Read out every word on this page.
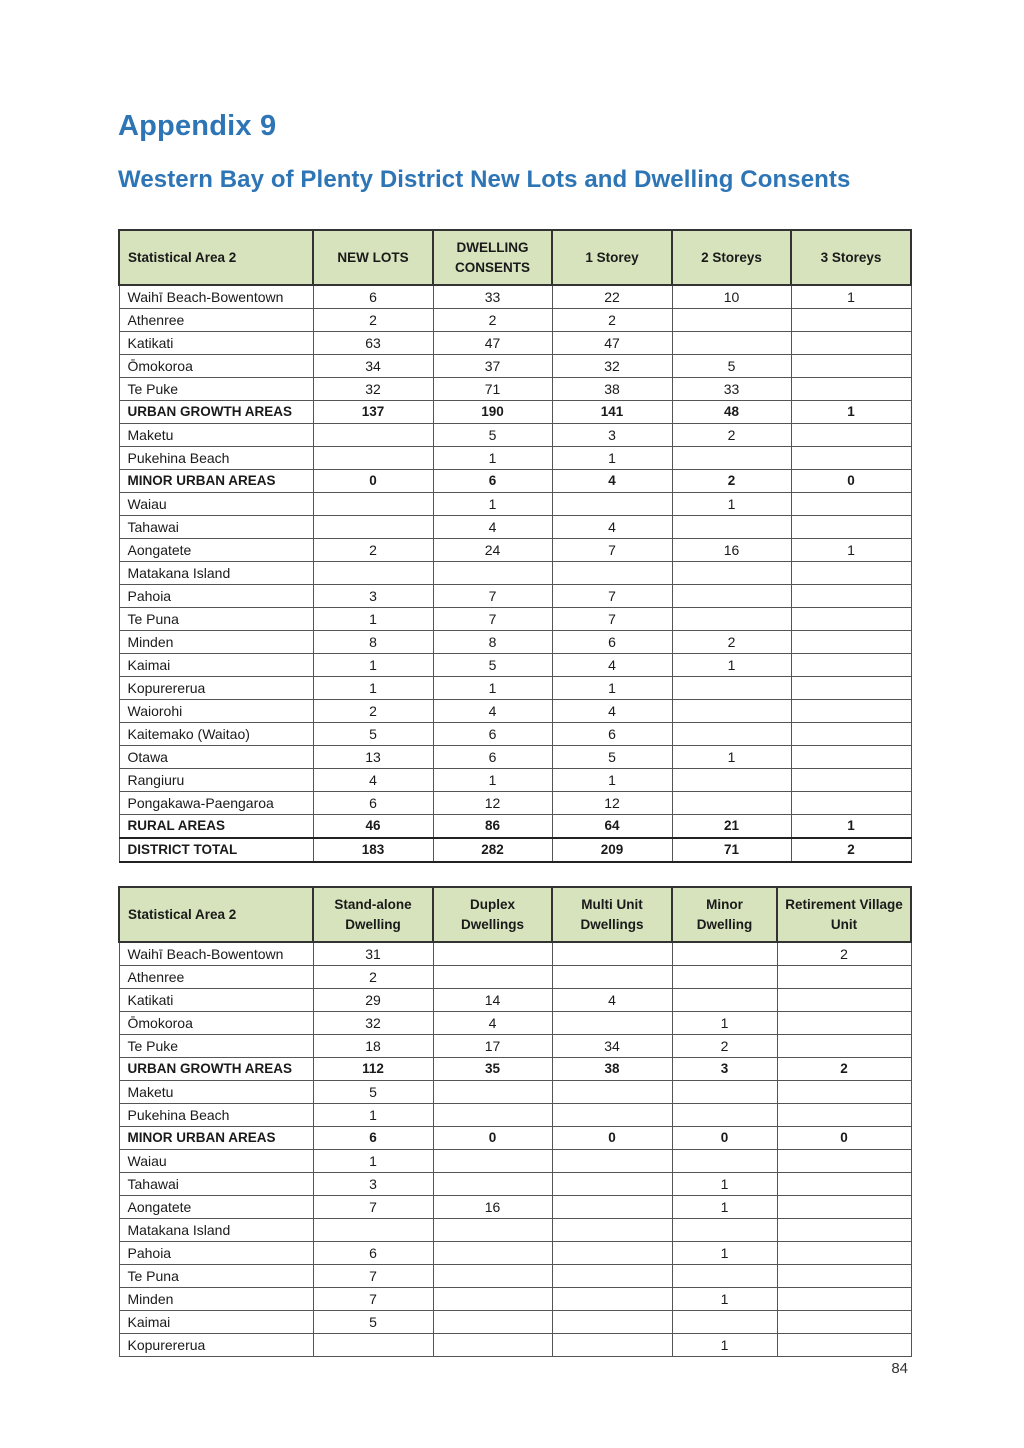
Appendix 9
Western Bay of Plenty District New Lots and Dwelling Consents
Statistical Area 2	NEW LOTS	DWELLING CONSENTS	1 Storey	2 Storeys	3 Storeys
Waihī Beach-Bowentown	6	33	22	10	1
Athenree	2	2	2		
Katikati	63	47	47		
Ōmokoroa	34	37	32	5	
Te Puke	32	71	38	33	
URBAN GROWTH AREAS	137	190	141	48	1
Maketu		5	3	2	
Pukehina Beach		1	1		
MINOR URBAN AREAS	0	6	4	2	0
Waiau		1		1	
Tahawai		4	4		
Aongatete	2	24	7	16	1
Matakana Island					
Pahoia	3	7	7		
Te Puna	1	7	7		
Minden	8	8	6	2	
Kaimai	1	5	4	1	
Kopurererua	1	1	1		
Waiorohi	2	4	4		
Kaitemako (Waitao)	5	6	6		
Otawa	13	6	5	1	
Rangiuru	4	1	1		
Pongakawa-Paengaroa	6	12	12		
RURAL AREAS	46	86	64	21	1
DISTRICT TOTAL	183	282	209	71	2
Statistical Area 2	Stand-alone Dwelling	Duplex Dwellings	Multi Unit Dwellings	Minor Dwelling	Retirement Village Unit
Waihī Beach-Bowentown	31				2
Athenree	2				
Katikati	29	14	4		
Ōmokoroa	32	4		1	
Te Puke	18	17	34	2	
URBAN GROWTH AREAS	112	35	38	3	2
Maketu	5				
Pukehina Beach	1				
MINOR URBAN AREAS	6	0	0	0	0
Waiau	1				
Tahawai	3			1	
Aongatete	7	16		1	
Matakana Island					
Pahoia	6			1	
Te Puna	7				
Minden	7			1	
Kaimai	5				
Kopurererua				1	
84
